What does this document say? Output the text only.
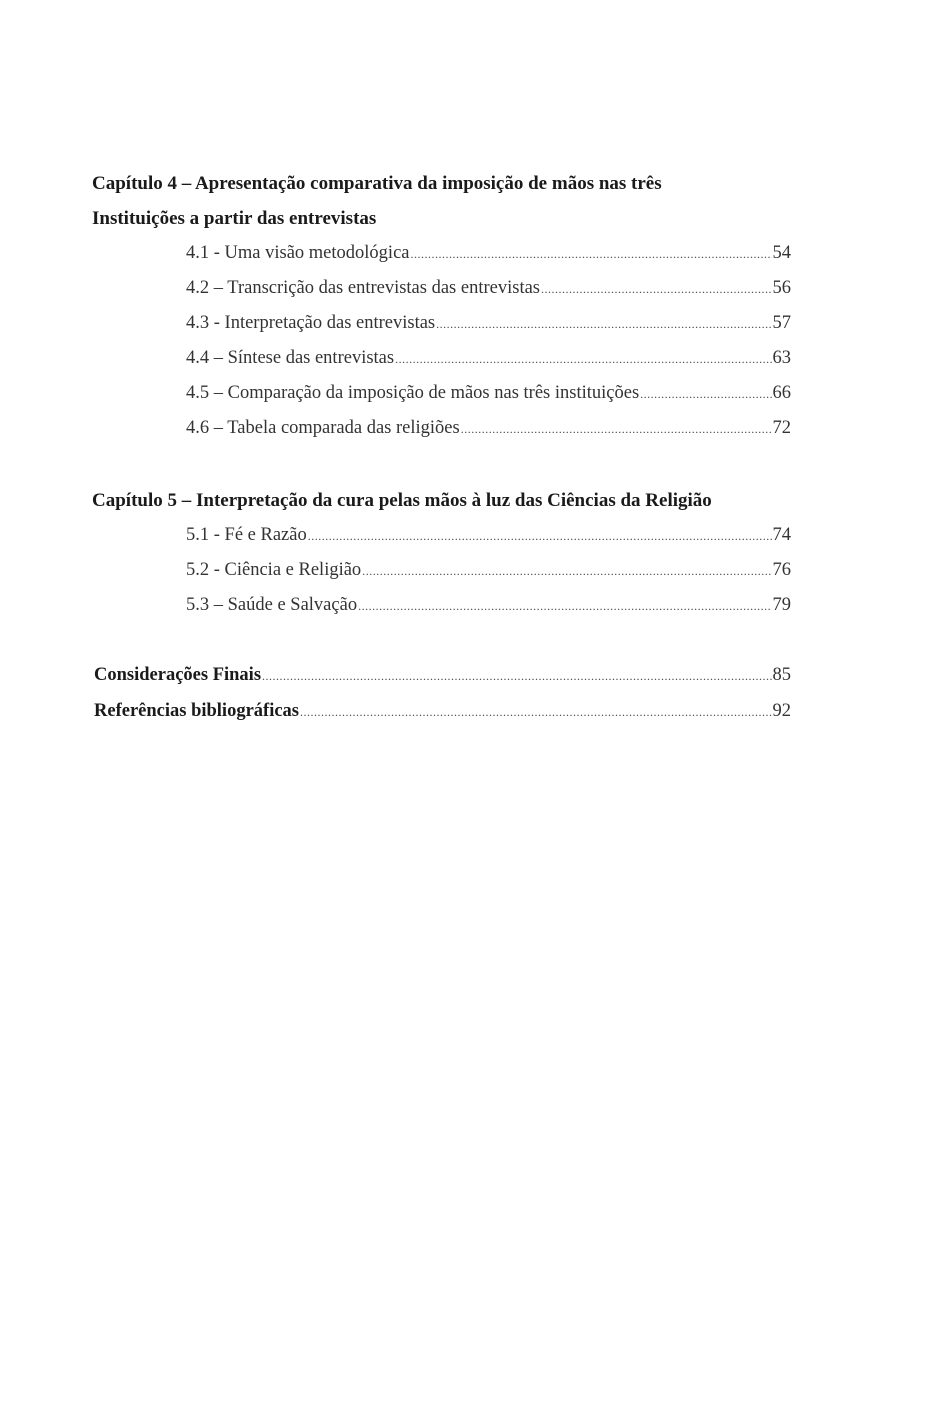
Capítulo 4 – Apresentação comparativa da imposição de mãos nas três
Instituições a partir das entrevistas
4.1 - Uma visão metodológica .....	54
4.2 – Transcrição das entrevistas das entrevistas .....	56
4.3 - Interpretação das entrevistas .....	57
4.4 – Síntese das entrevistas .....	63
4.5 – Comparação da imposição de mãos nas três instituições .....	66
4.6 – Tabela comparada das religiões .....	72
Capítulo 5 – Interpretação da cura pelas mãos à luz das Ciências da Religião
5.1 - Fé e Razão .....	74
5.2 - Ciência e Religião .....	76
5.3 – Saúde e Salvação .....	79
Considerações Finais .....	85
Referências bibliográficas .....	92
